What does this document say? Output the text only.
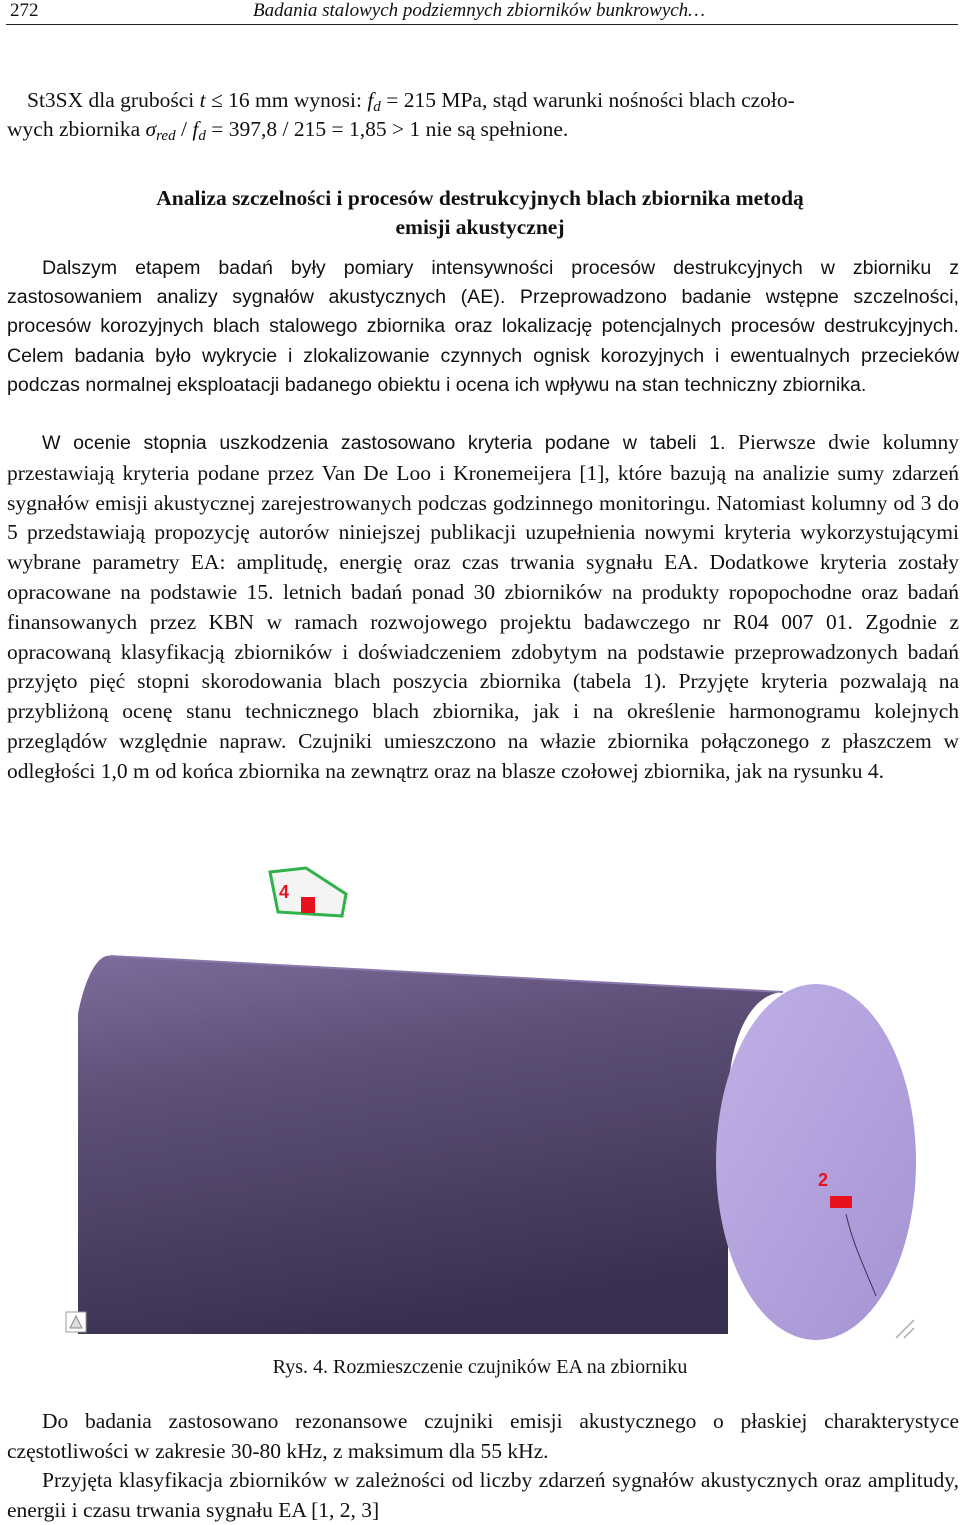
272	Badania stalowych podziemnych zbiorników bunkrowych…

St3SX dla grubości t ≤ 16 mm wynosi: $f_d = 215$ MPa, stąd warunki nośności blach czoło-

wych zbiornika $\sigma_{red} / f_d = 397,8 / 215 = 1,85 > 1$ nie są spełnione.

Analiza szczelności i procesów destrukcyjnych blach zbiornika metodą
emisji akustycznej

Dalszym etapem badań były pomiary intensywności procesów destrukcyjnych w zbiorniku z zastosowaniem analizy sygnałów akustycznych (AE). Przeprowadzono badanie wstępne szczelności, procesów korozyjnych blach stalowego zbiornika oraz lokalizację potencjalnych procesów destrukcyjnych. Celem badania było wykrycie i zlokalizowanie czynnych ognisk korozyjnych i ewentualnych przecieków podczas normalnej eksploatacji badanego obiektu i ocena ich wpływu na stan techniczny zbiornika.

W ocenie stopnia uszkodzenia zastosowano kryteria podane w tabeli 1. Pierwsze dwie kolumny przestawiają kryteria podane przez Van De Loo i Kronemeijera [1], które bazują na analizie sumy zdarzeń sygnałów emisji akustycznej zarejestrowanych podczas godzinnego monitoringu. Natomiast kolumny od 3 do 5 przedstawiają propozycję autorów niniejszej publikacji uzupełnienia nowymi kryteria wykorzystującymi wybrane parametry EA: amplitudę, energię oraz czas trwania sygnału EA. Dodatkowe kryteria zostały opracowane na podstawie 15. letnich badań ponad 30 zbiorników na produkty ropopochodne oraz badań finansowanych przez KBN w ramach rozwojowego projektu badawczego nr R04 007 01. Zgodnie z opracowaną klasyfikacją zbiorników i doświadczeniem zdobytym na podstawie przeprowadzonych badań przyjęto pięć stopni skorodowania blach poszycia zbiornika (tabela 1). Przyjęte kryteria pozwalają na przybliżoną ocenę stanu technicznego blach zbiornika, jak i na określenie harmonogramu kolejnych przeglądów względnie napraw. Czujniki umieszczono na włazie zbiornika połączonego z płaszczem w odległości 1,0 m od końca zbiornika na zewnątrz oraz na blasze czołowej zbiornika, jak na rysunku 4.

4
2
Rys. 4. Rozmieszczenie czujników EA na zbiorniku

Do badania zastosowano rezonansowe czujniki emisji akustycznego o płaskiej charakterystyce częstotliwości w zakresie 30-80 kHz, z maksimum dla 55 kHz.

Przyjęta klasyfikacja zbiorników w zależności od liczby zdarzeń sygnałów akustycznych oraz amplitudy, energii i czasu trwania sygnału EA [1, 2, 3]
